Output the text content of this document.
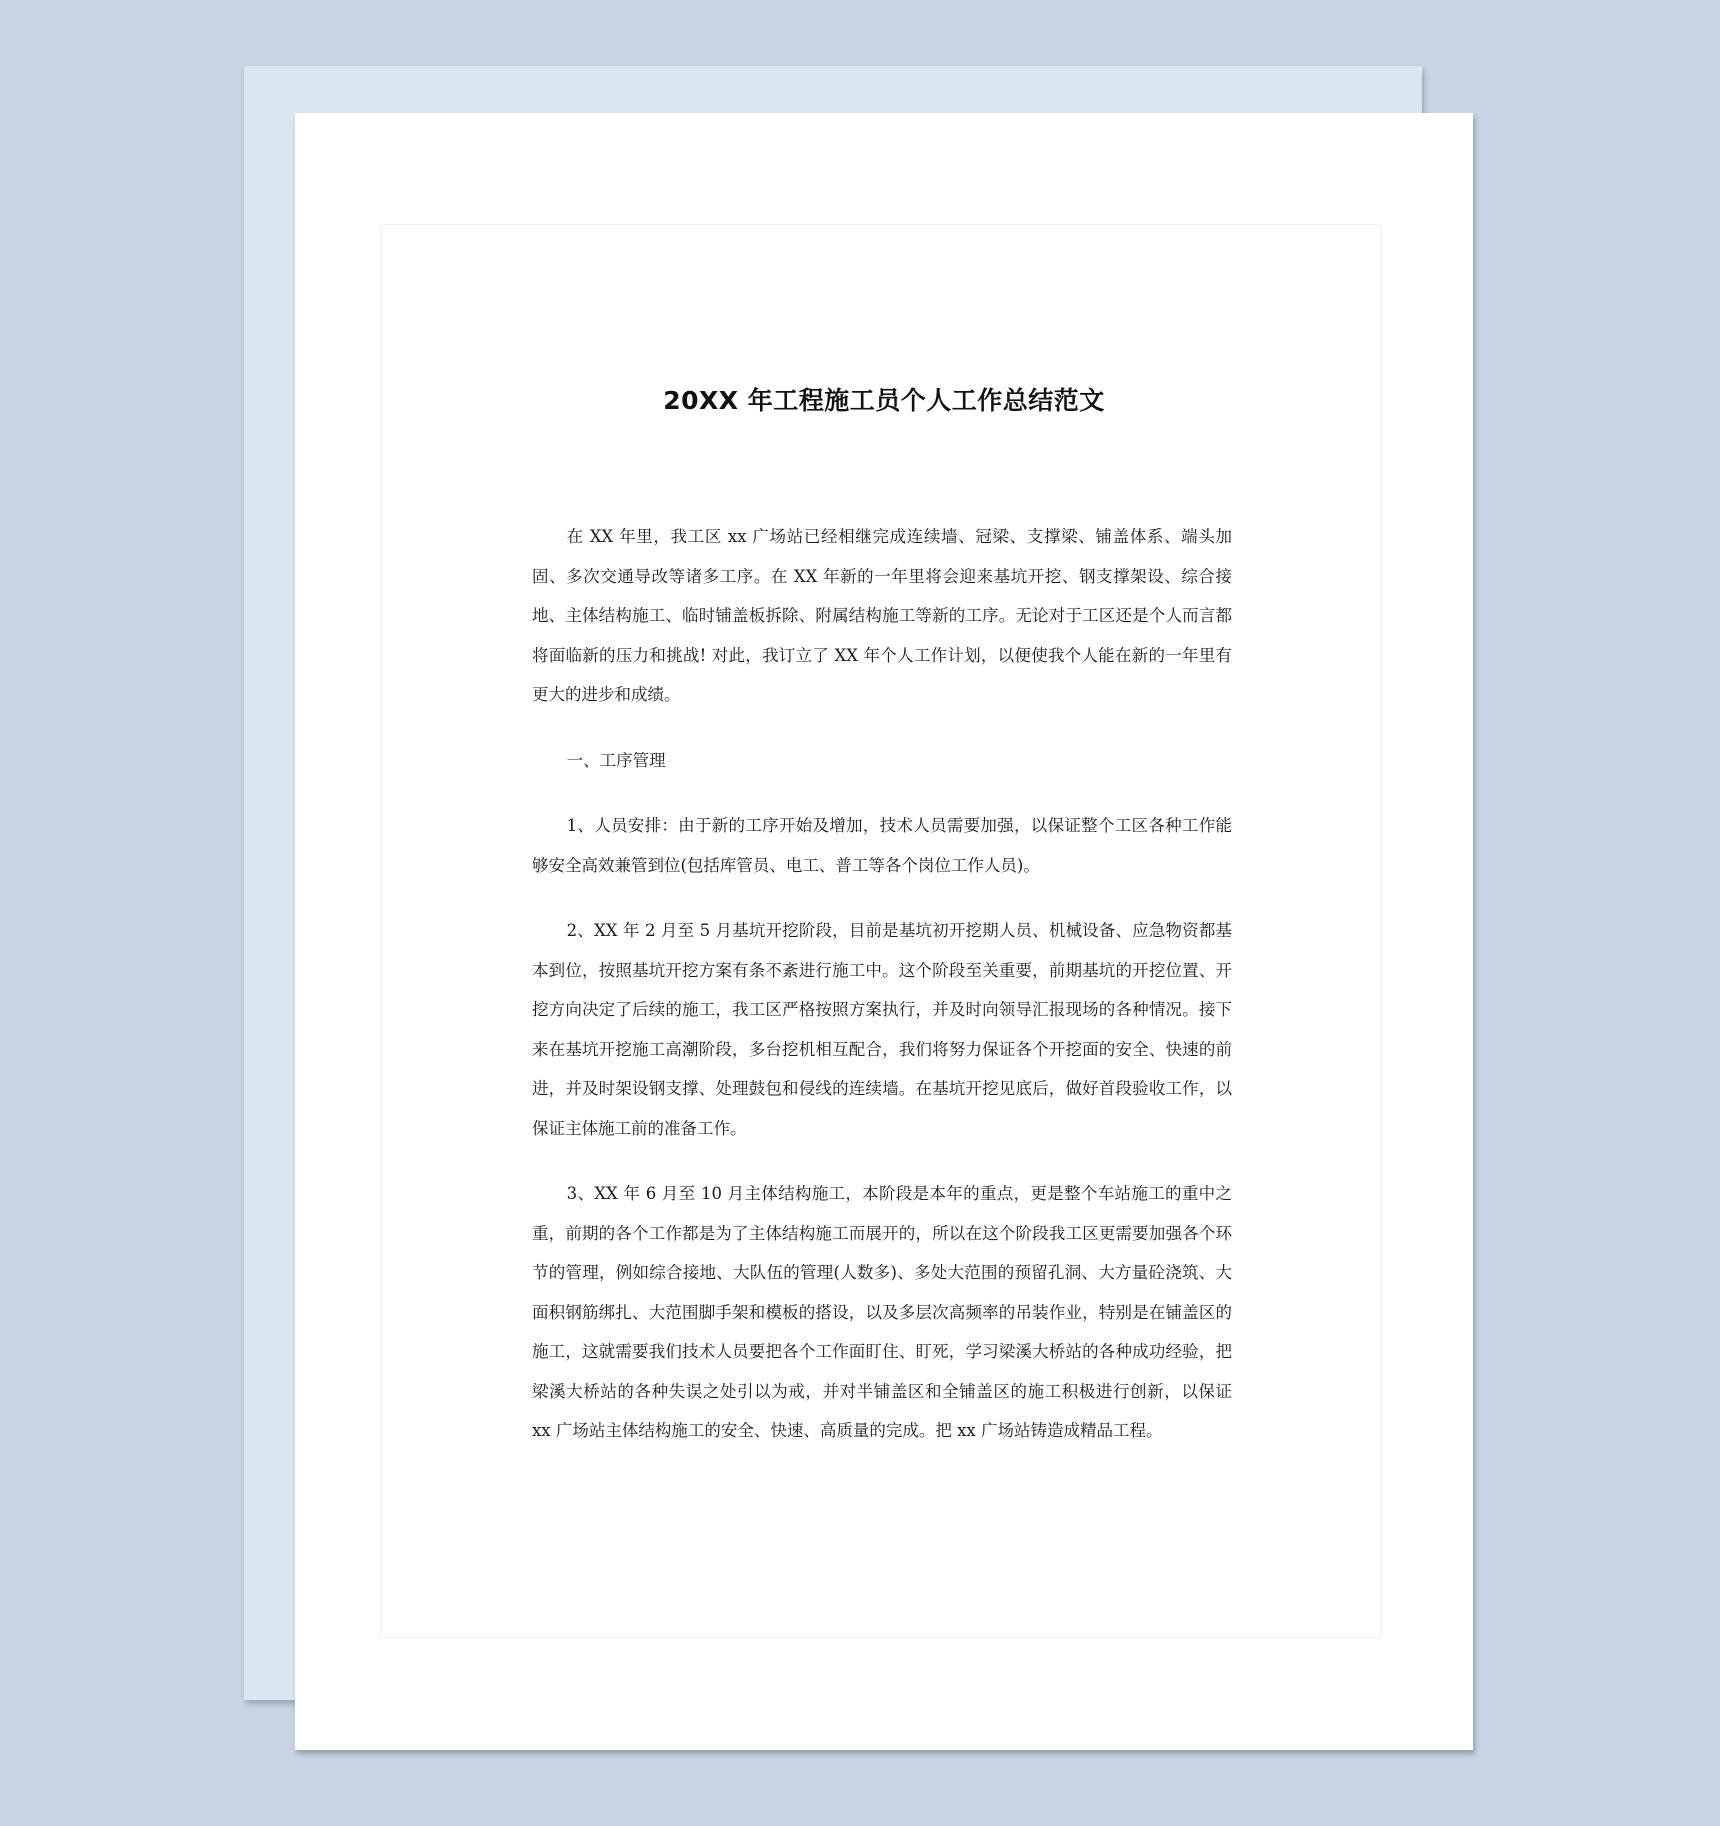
20XX 年工程施工员个人工作总结范文

在 XX 年里，我工区 xx 广场站已经相继完成连续墙、冠梁、支撑梁、铺盖体系、端头加固、多次交通导改等诸多工序。在 XX 年新的一年里将会迎来基坑开挖、钢支撑架设、综合接地、主体结构施工、临时铺盖板拆除、附属结构施工等新的工序。无论对于工区还是个人而言都将面临新的压力和挑战! 对此，我订立了 XX 年个人工作计划，以便使我个人能在新的一年里有更大的进步和成绩。

一、工序管理

1、人员安排：由于新的工序开始及增加，技术人员需要加强，以保证整个工区各种工作能够安全高效兼管到位(包括库管员、电工、普工等各个岗位工作人员)。

2、XX 年 2 月至 5 月基坑开挖阶段，目前是基坑初开挖期人员、机械设备、应急物资都基本到位，按照基坑开挖方案有条不紊进行施工中。这个阶段至关重要，前期基坑的开挖位置、开挖方向决定了后续的施工，我工区严格按照方案执行，并及时向领导汇报现场的各种情况。接下来在基坑开挖施工高潮阶段，多台挖机相互配合，我们将努力保证各个开挖面的安全、快速的前进，并及时架设钢支撑、处理鼓包和侵线的连续墙。在基坑开挖见底后，做好首段验收工作，以保证主体施工前的准备工作。

3、XX 年 6 月至 10 月主体结构施工，本阶段是本年的重点，更是整个车站施工的重中之重，前期的各个工作都是为了主体结构施工而展开的，所以在这个阶段我工区更需要加强各个环节的管理，例如综合接地、大队伍的管理(人数多)、多处大范围的预留孔洞、大方量砼浇筑、大面积钢筋绑扎、大范围脚手架和模板的搭设，以及多层次高频率的吊装作业，特别是在铺盖区的施工，这就需要我们技术人员要把各个工作面盯住、盯死，学习梁溪大桥站的各种成功经验，把梁溪大桥站的各种失误之处引以为戒，并对半铺盖区和全铺盖区的施工积极进行创新，以保证 xx 广场站主体结构施工的安全、快速、高质量的完成。把 xx 广场站铸造成精品工程。
